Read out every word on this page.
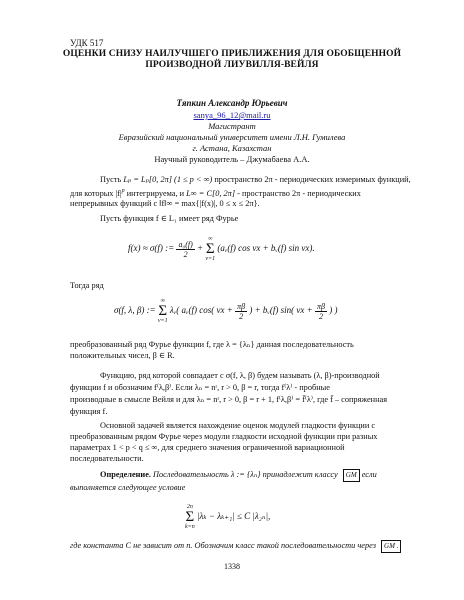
УДК 517
ОЦЕНКИ СНИЗУ НАИЛУЧШЕГО ПРИБЛИЖЕНИЯ ДЛЯ ОБОБЩЕННОЙ
ПРОИЗВОДНОЙ ЛИУВИЛЛЯ-ВЕЙЛЯ
Тяпкин Александр Юрьевич
sanya_96_12@mail.ru
Магистрант
Евразийский национальный университет имени Л.Н. Гумилева
г. Астана, Казахстан
Научный руководитель – Джумабаева А.А.
Пусть Lₚ = Lₚ[0, 2π] (1 ≤ p < ∞) пространство 2π - периодических измеримых функций,
для которых $|f|^p$ интегрируема, и L∞ = C[0, 2π] - пространство 2π - периодических
непрерывных функций с ‖f‖∞ = max{|f(x)|, 0 ≤ x ≤ 2π}.
Пусть функция f ∈ L₁ имеет ряд Фурье
f(x) ≈ σ(f) := $\frac{\text{a₀(f)}}{2}$ + ∞
Σ
ν=1 (aᵥ(f) cos νx + bᵥ(f) sin νx).
Тогда ряд
σ(f, λ, β) := ∞
Σ
ν=1 λᵥ( aᵥ(f) cos( $\nu x + \frac{\pi\beta}{2}$ ) + bᵥ(f) sin( $\nu x + \frac{\pi\beta}{2}$ ) )
преобразованный ряд Фурье функции f, где λ = {λₙ} данная последовательность
положительных чисел, β ∈ R.
Функцию, ряд которой совпадает с σ(f, λ, β) будем называть (λ, β)-производной
функции f и обозначим f⁽λ,β⁾. Если λₙ = nʳ, r > 0, β = r, тогда f⁽λ⁾ - пробные
производные в смысле Вейля и для λₙ = nʳ, r > 0, β = r + 1, f⁽λ,β⁾ = f̄⁽λ⁾, где f̄ – сопряженная
функция f.
Основной задачей является нахождение оценок модулей гладкости функции с
преобразованным рядом Фурье через модули гладкости исходной функции при разных
параметрах 1 < p < q ≤ ∞, для среднего значения ограниченной вариационной
последовательности.
Определение. Последовательность λ := {λₙ} принадлежит классу GM если
выполняется следующее условие
2n
Σ
k=n |λₖ − λₖ₊₁| ≤ C |λ₂ₙ|,
где константа C не зависит от n. Обозначим класс такой последовательности через GM .
1338
